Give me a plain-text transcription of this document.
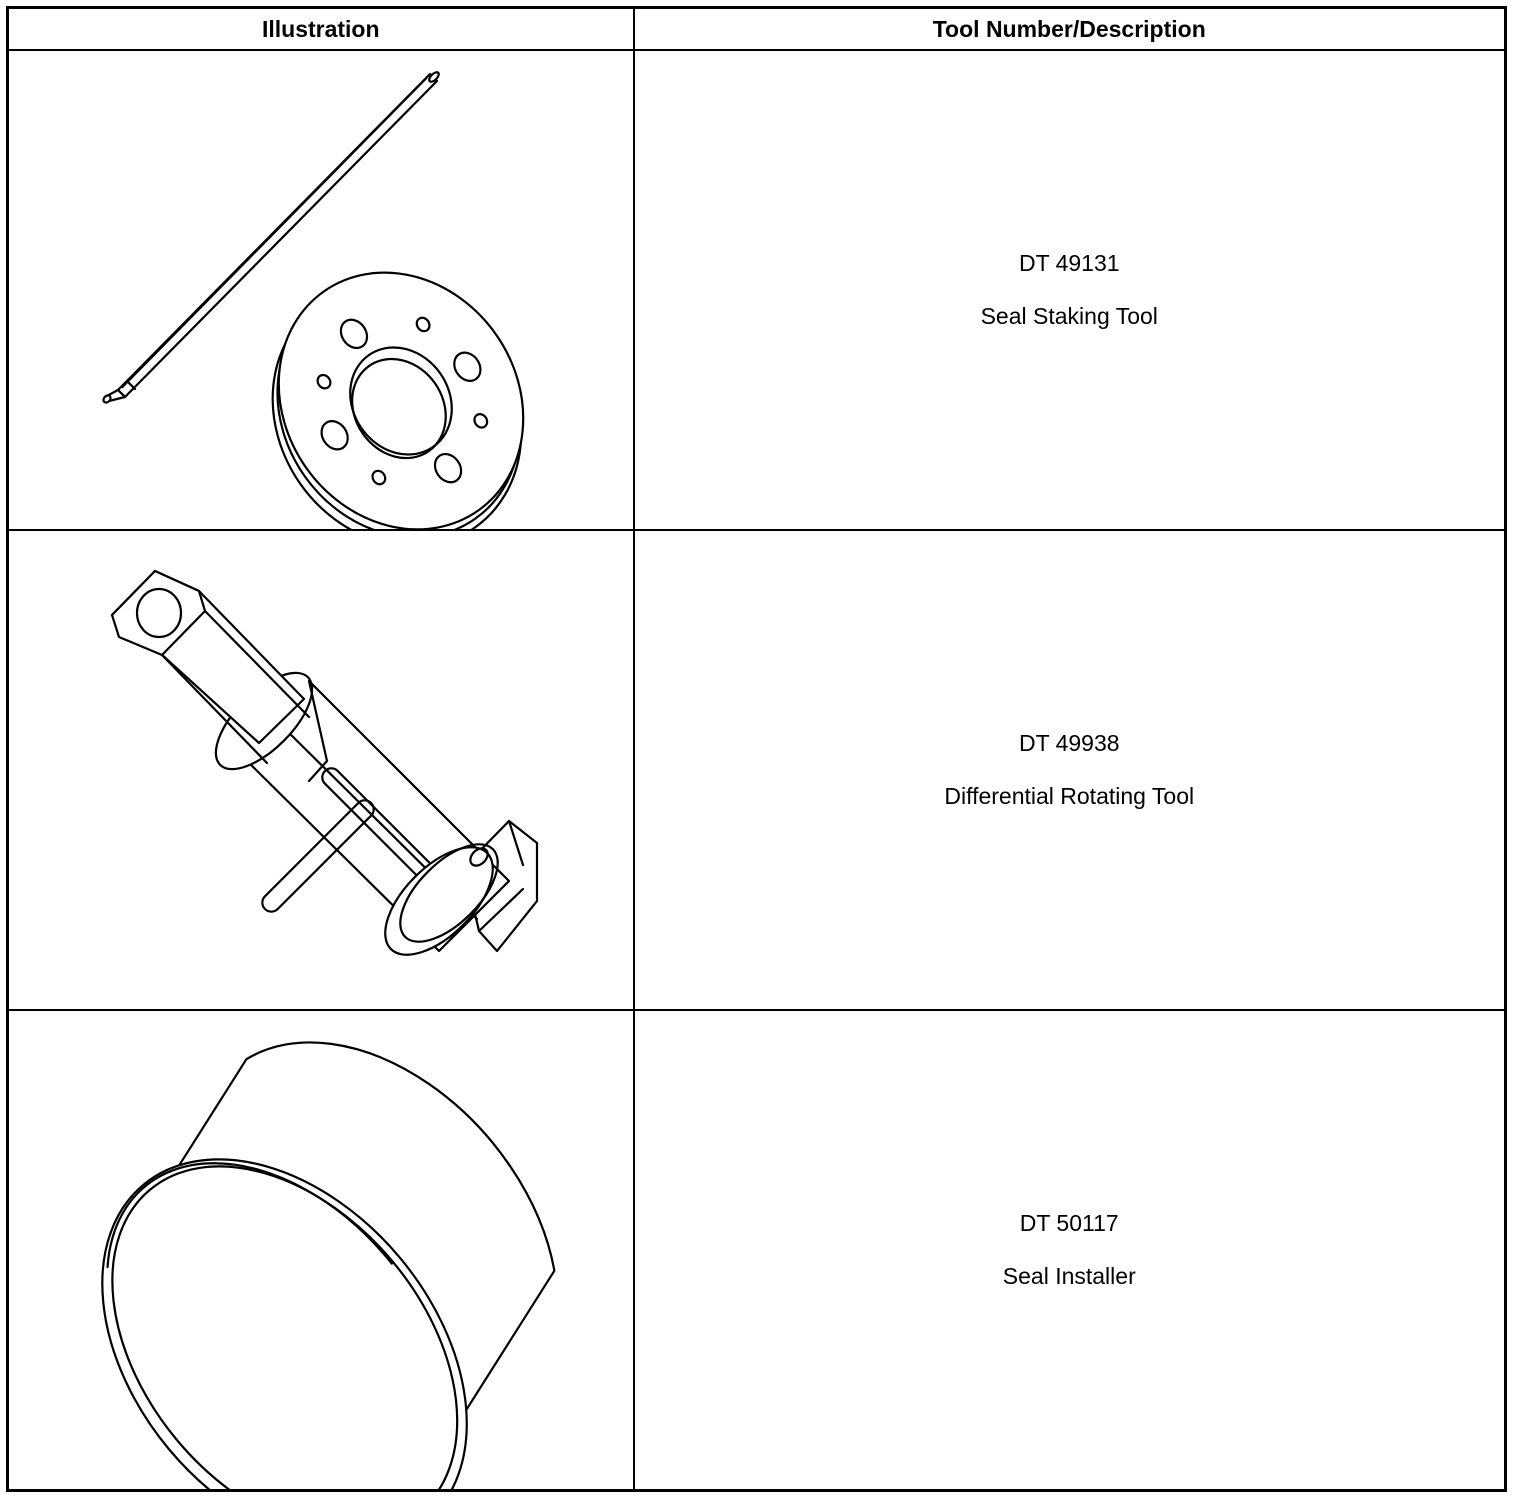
Illustration	Tool Number/Description

DT 49131
Seal Staking Tool

DT 49938
Differential Rotating Tool

DT 50117
Seal Installer
